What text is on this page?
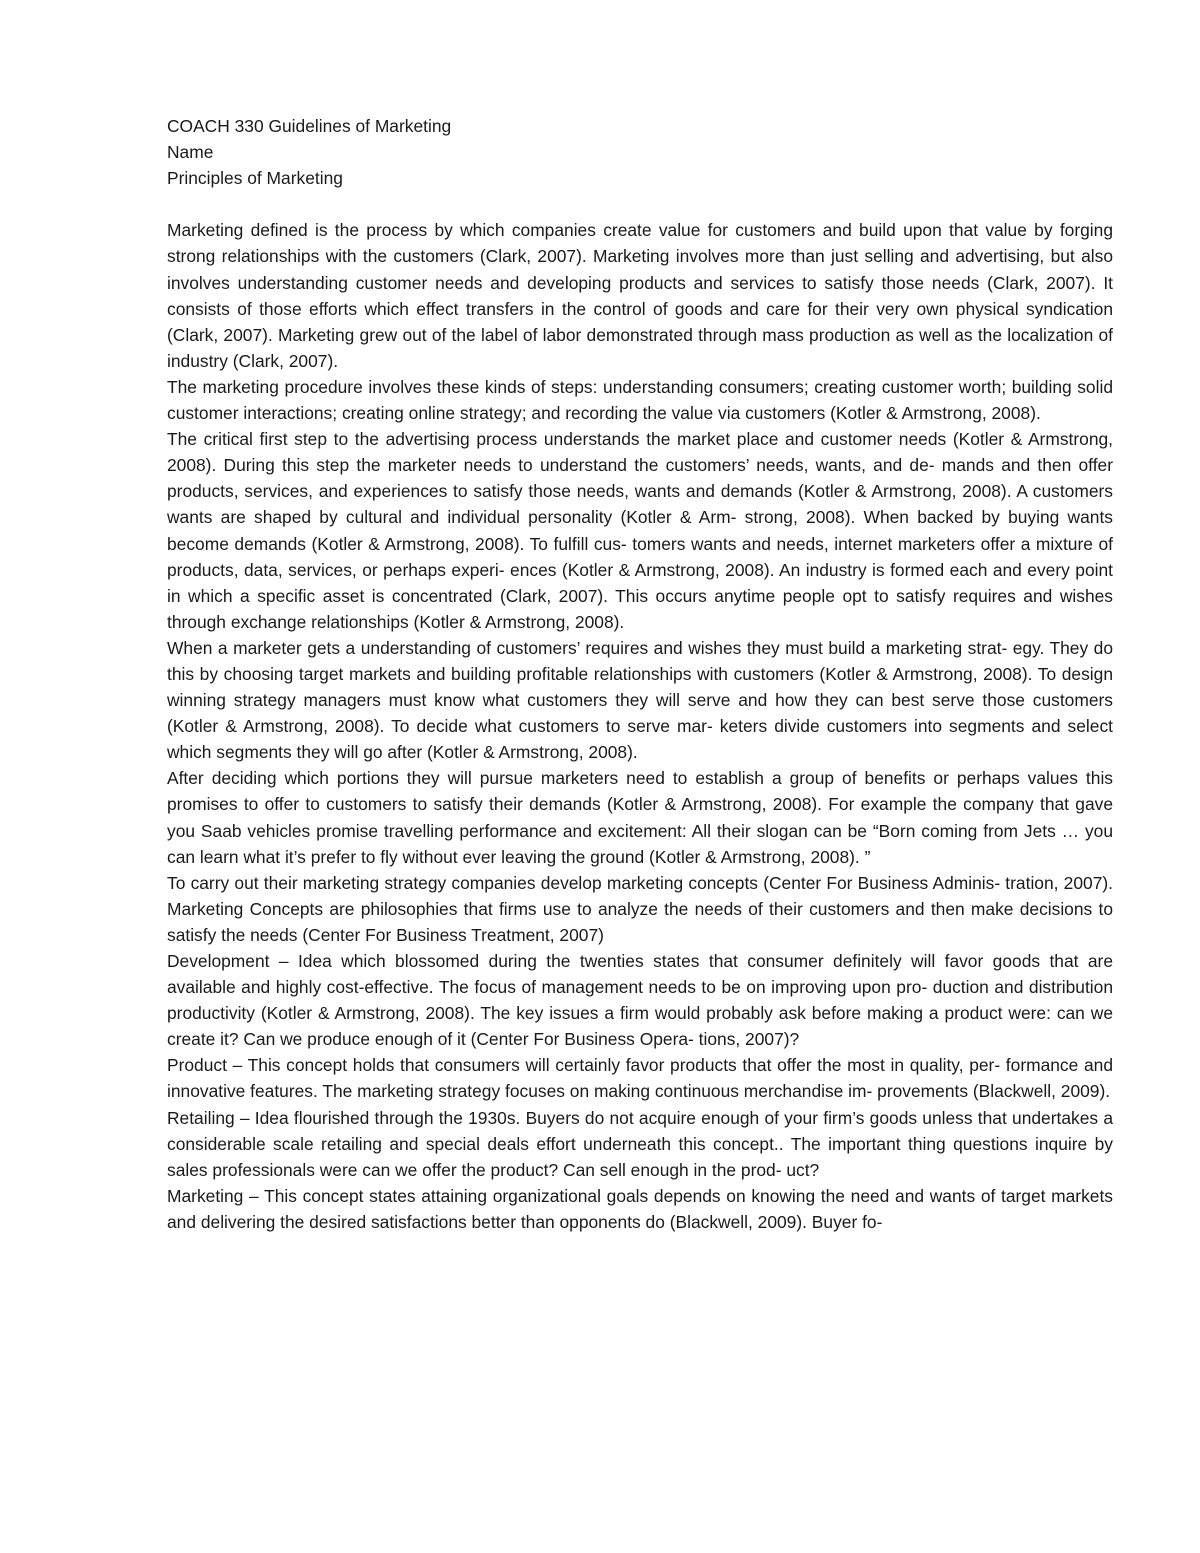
COACH 330 Guidelines of Marketing

Name

Principles of Marketing

Marketing defined is the process by which companies create value for customers and build upon that value by forging strong relationships with the customers (Clark, 2007). Marketing involves more than just selling and advertising, but also involves understanding customer needs and developing products and services to satisfy those needs (Clark, 2007). It consists of those efforts which effect transfers in the control of goods and care for their very own physical syndication (Clark, 2007). Marketing grew out of the label of labor demonstrated through mass production as well as the localization of industry (Clark, 2007).

The marketing procedure involves these kinds of steps: understanding consumers; creating customer worth; building solid customer interactions; creating online strategy; and recording the value via customers (Kotler & Armstrong, 2008).

The critical first step to the advertising process understands the market place and customer needs (Kotler & Armstrong, 2008). During this step the marketer needs to understand the customers’ needs, wants, and de- mands and then offer products, services, and experiences to satisfy those needs, wants and demands (Kotler & Armstrong, 2008). A customers wants are shaped by cultural and individual personality (Kotler & Arm- strong, 2008). When backed by buying wants become demands (Kotler & Armstrong, 2008). To fulfill cus- tomers wants and needs, internet marketers offer a mixture of products, data, services, or perhaps experi- ences (Kotler & Armstrong, 2008). An industry is formed each and every point in which a specific asset is concentrated (Clark, 2007). This occurs anytime people opt to satisfy requires and wishes through exchange relationships (Kotler & Armstrong, 2008).

When a marketer gets a understanding of customers’ requires and wishes they must build a marketing strat- egy. They do this by choosing target markets and building profitable relationships with customers (Kotler & Armstrong, 2008). To design winning strategy managers must know what customers they will serve and how they can best serve those customers (Kotler & Armstrong, 2008). To decide what customers to serve mar- keters divide customers into segments and select which segments they will go after (Kotler & Armstrong, 2008).

After deciding which portions they will pursue marketers need to establish a group of benefits or perhaps values this promises to offer to customers to satisfy their demands (Kotler & Armstrong, 2008). For example the company that gave you Saab vehicles promise travelling performance and excitement: All their slogan can be “Born coming from Jets … you can learn what it’s prefer to fly without ever leaving the ground (Kotler & Armstrong, 2008). ”

To carry out their marketing strategy companies develop marketing concepts (Center For Business Adminis- tration, 2007). Marketing Concepts are philosophies that firms use to analyze the needs of their customers and then make decisions to satisfy the needs (Center For Business Treatment, 2007)

Development – Idea which blossomed during the twenties states that consumer definitely will favor goods that are available and highly cost-effective. The focus of management needs to be on improving upon pro- duction and distribution productivity (Kotler & Armstrong, 2008). The key issues a firm would probably ask before making a product were: can we create it? Can we produce enough of it (Center For Business Opera- tions, 2007)?

Product – This concept holds that consumers will certainly favor products that offer the most in quality, per- formance and innovative features. The marketing strategy focuses on making continuous merchandise im- provements (Blackwell, 2009).

Retailing – Idea flourished through the 1930s. Buyers do not acquire enough of your firm’s goods unless that undertakes a considerable scale retailing and special deals effort underneath this concept.. The important thing questions inquire by sales professionals were can we offer the product? Can sell enough in the prod- uct?

Marketing – This concept states attaining organizational goals depends on knowing the need and wants of target markets and delivering the desired satisfactions better than opponents do (Blackwell, 2009). Buyer fo-
